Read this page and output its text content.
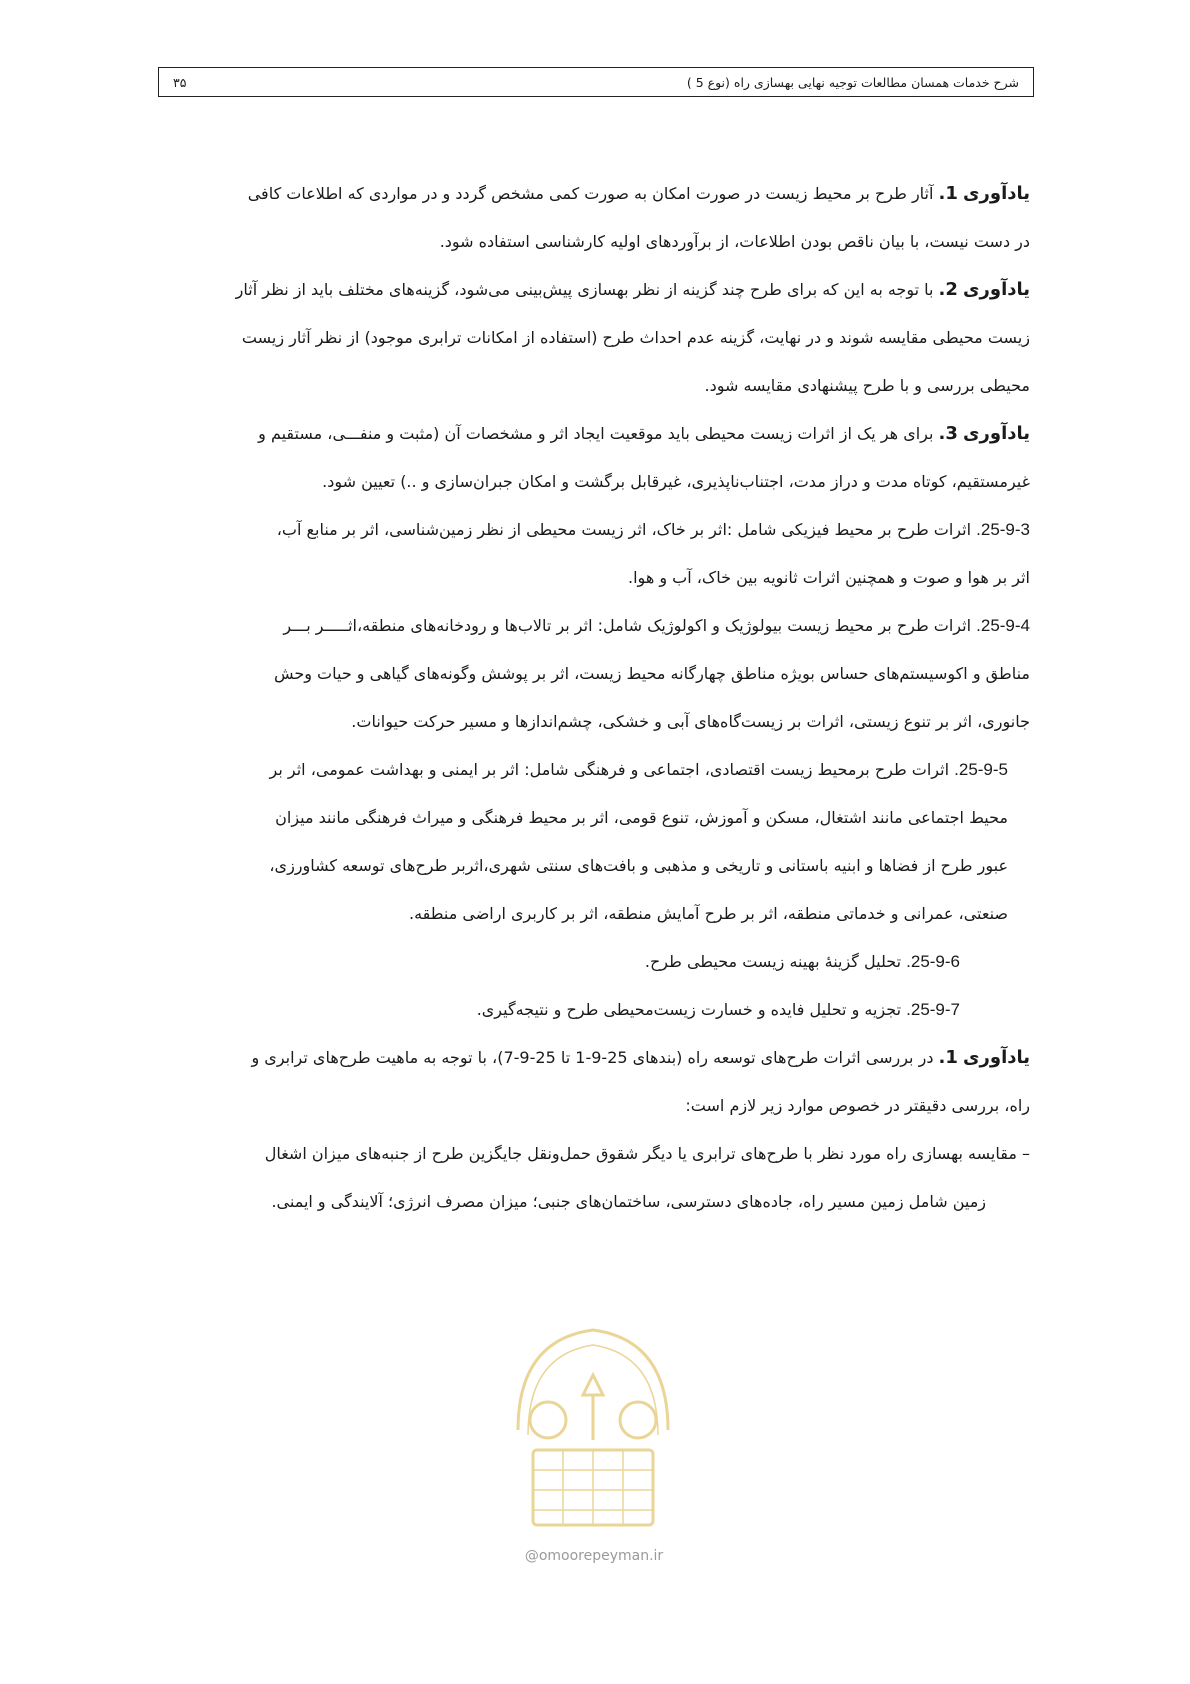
شرح خدمات همسان مطالعات توجیه نهایی بهسازی راه (نوع 5 )
۳۵

یادآوری 1. آثار طرح بر محیط زیست در صورت امکان به صورت کمی مشخص گردد و در مواردی که اطلاعات کافی
در دست نیست، با بیان ناقص بودن اطلاعات، از برآوردهای اولیه کارشناسی استفاده شود.

یادآوری 2. با توجه به این که برای طرح چند گزینه از نظر بهسازی پیش‌بینی می‌شود، گزینه‌های مختلف باید از نظر آثار
زیست محیطی مقایسه شوند و در نهایت، گزینه عدم احداث طرح (استفاده از امکانات ترابری موجود) از نظر آثار زیست
محیطی بررسی و با طرح پیشنهادی مقایسه شود.

یادآوری 3. برای هر یک از اثرات زیست محیطی باید موقعیت ایجاد اثر و مشخصات آن (مثبت و منفـــی، مستقیم و
غیرمستقیم، کوتاه مدت و دراز مدت، اجتناب‌ناپذیری، غیرقابل برگشت و امکان جبران‌سازی و ..) تعیین شود.

25-9-3. اثرات طرح بر محیط فیزیکی شامل :اثر بر خاک، اثر زیست محیطی از نظر زمین‌شناسی، اثر بر منابع آب،
اثر بر هوا و صوت و همچنین اثرات ثانویه بین خاک، آب و هوا.

25-9-4. اثرات طرح بر محیط زیست بیولوژیک و اکولوژیک شامل: اثر بر تالاب‌ها و رودخانه‌های منطقه،اثـــــر بـــر
مناطق و اکوسیستم‌های حساس بویژه مناطق چهارگانه محیط زیست، اثر بر پوشش وگونه‌های گیاهی و حیات وحش
جانوری، اثر بر تنوع زیستی، اثرات بر زیست‌گاه‌های آبی و خشکی، چشم‌اندازها و مسیر حرکت حیوانات.

25-9-5. اثرات طرح برمحیط زیست اقتصادی، اجتماعی و فرهنگی شامل: اثر بر ایمنی و بهداشت عمومی، اثر بر
محیط اجتماعی مانند اشتغال، مسکن و آموزش، تنوع قومی، اثر بر محیط فرهنگی و میراث فرهنگی مانند میزان
عبور طرح از فضاها و ابنیه باستانی و تاریخی و مذهبی و بافت‌های سنتی شهری،اثربر طرح‌های توسعه کشاورزی،
صنعتی، عمرانی و خدماتی منطقه، اثر بر طرح آمایش منطقه، اثر بر کاربری اراضی منطقه.

25-9-6. تحلیل گزینهٔ بهینه زیست محیطی طرح.

25-9-7. تجزیه و تحلیل فایده و خسارت زیست‌محیطی طرح و نتیجه‌گیری.

یادآوری 1. در بررسی اثرات طرح‌های توسعه راه (بندهای 25-9-1 تا 25-9-7)، با توجه به ماهیت طرح‌های ترابری و
راه، بررسی دقیقتر در خصوص موارد زیر لازم است:

– مقایسه بهسازی راه مورد نظر با طرح‌های ترابری یا دیگر شقوق حمل‌ونقل جایگزین طرح از جنبه‌های میزان اشغال
زمین شامل زمین مسیر راه، جاده‌های دسترسی، ساختمان‌های جنبی؛ میزان مصرف انرژی؛ آلایندگی و ایمنی.

@omoorepeyman.ir
